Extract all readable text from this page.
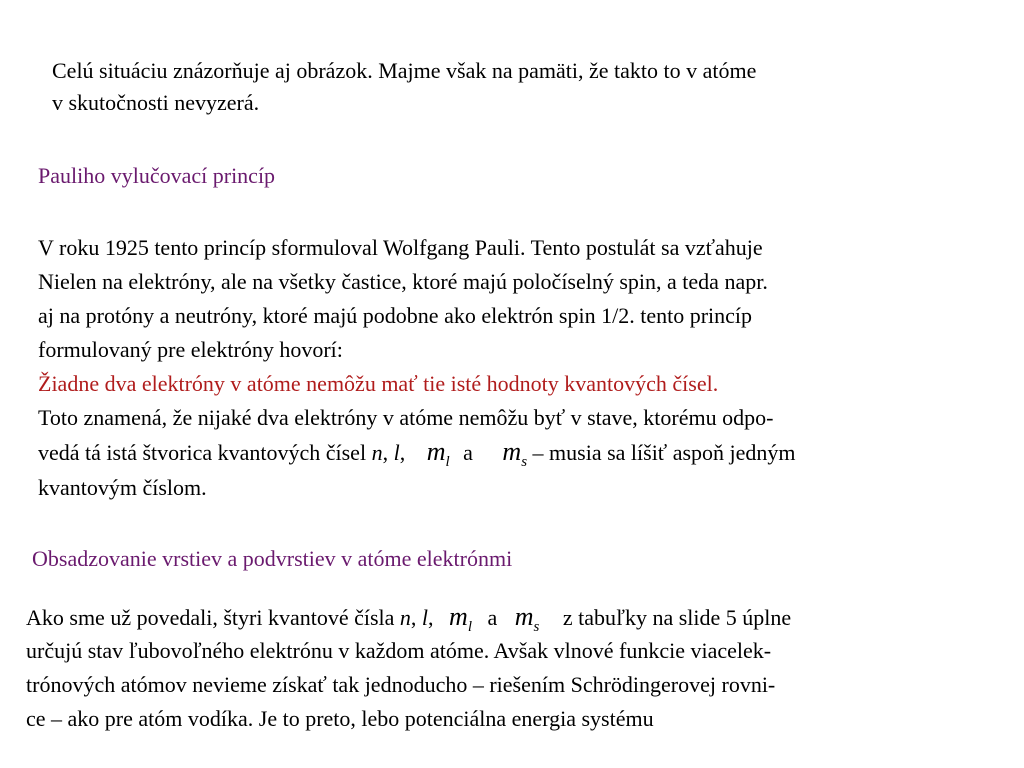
Celú situáciu znázorňuje aj obrázok. Majme však na pamäti, že takto to v atóme
v skutočnosti nevyzerá.
Pauliho vylučovací princíp
V roku 1925 tento princíp sformuloval Wolfgang Pauli. Tento postulát sa vzťahuje
Nielen na elektróny, ale na všetky častice, ktoré majú poločíselný spin, a teda napr.
aj na protóny a neutróny, ktoré majú podobne ako elektrón spin 1/2. tento princíp
formulovaný pre elektróny hovorí:
Žiadne dva elektróny v atóme nemôžu mať tie isté hodnoty kvantových čísel.
Toto znamená, že nijaké dva elektróny v atóme nemôžu byť v stave, ktorému odpo-
vedá tá istá štvorica kvantových čísel n, l, $m_l$ a $m_s$ – musia sa líšiť aspoň jedným
kvantovým číslom.
Obsadzovanie vrstiev a podvrstiev v atóme elektrónmi
Ako sme už povedali, štyri kvantové čísla n, l, $m_l$ a $m_s$ z tabuľky na slide 5 úplne
určujú stav ľubovoľného elektrónu v každom atóme. Avšak vlnové funkcie viacelek-
trónových atómov nevieme získať tak jednoducho – riešením Schrödingerovej rovni-
ce – ako pre atóm vodíka. Je to preto, lebo potenciálna energia systému
